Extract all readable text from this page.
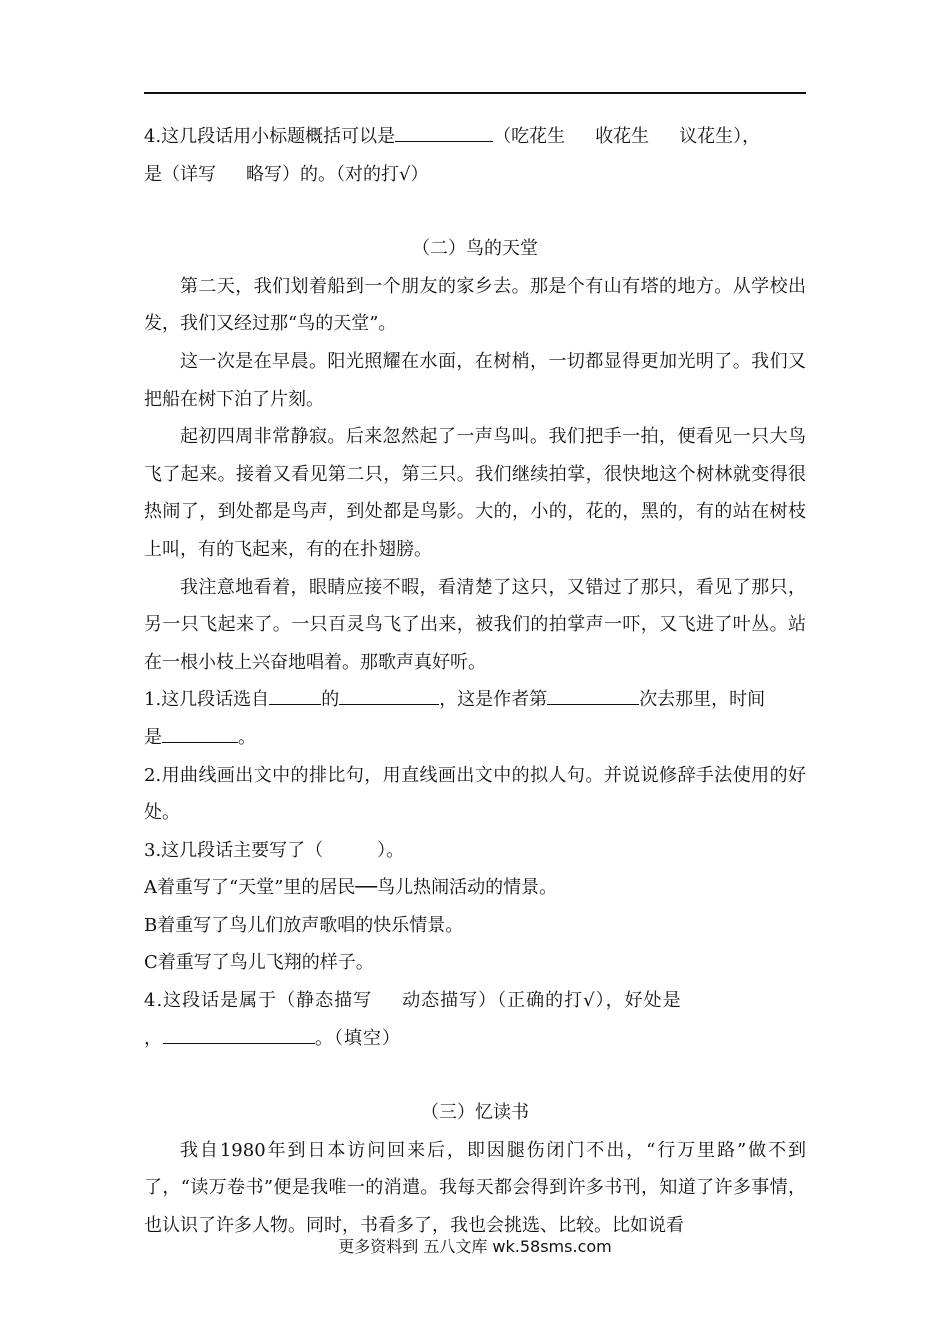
4.这几段话用小标题概括可以是	（吃花生 收花生 议花生），

是（详写 略写）的。（对的打√）

（二）鸟的天堂

第二天，我们划着船到一个朋友的家乡去。那是个有山有塔的地方。从学校出发，我们又经过那“鸟的天堂”。

这一次是在早晨。阳光照耀在水面，在树梢，一切都显得更加光明了。我们又把船在树下泊了片刻。

起初四周非常静寂。后来忽然起了一声鸟叫。我们把手一拍，便看见一只大鸟飞了起来。接着又看见第二只，第三只。我们继续拍掌，很快地这个树林就变得很热闹了，到处都是鸟声，到处都是鸟影。大的，小的，花的，黑的，有的站在树枝上叫，有的飞起来，有的在扑翅膀。

我注意地看着，眼睛应接不暇，看清楚了这只，又错过了那只，看见了那只，另一只飞起来了。一只百灵鸟飞了出来，被我们的拍掌声一吓，又飞进了叶丛。站在一根小枝上兴奋地唱着。那歌声真好听。

1.这几段话选自	的	，这是作者第	次去那里，时间
是	。

2.用曲线画出文中的排比句，用直线画出文中的拟人句。并说说修辞手法使用的好处。

3.这几段话主要写了（　　　）。

A着重写了“天堂”里的居民──鸟儿热闹活动的情景。

B着重写了鸟儿们放声歌唱的快乐情景。

C着重写了鸟儿飞翔的样子。

4.这段话是属于（静态描写 动态描写）（正确的打√），好处是
，	。（填空）

（三）忆读书

我自1980年到日本访问回来后，即因腿伤闭门不出，“行万里路”做不到了，“读万卷书”便是我唯一的消遣。我每天都会得到许多书刊，知道了许多事情，也认识了许多人物。同时，书看多了，我也会挑选、比较。比如说看

更多资料到 五八文库 wk.58sms.com
